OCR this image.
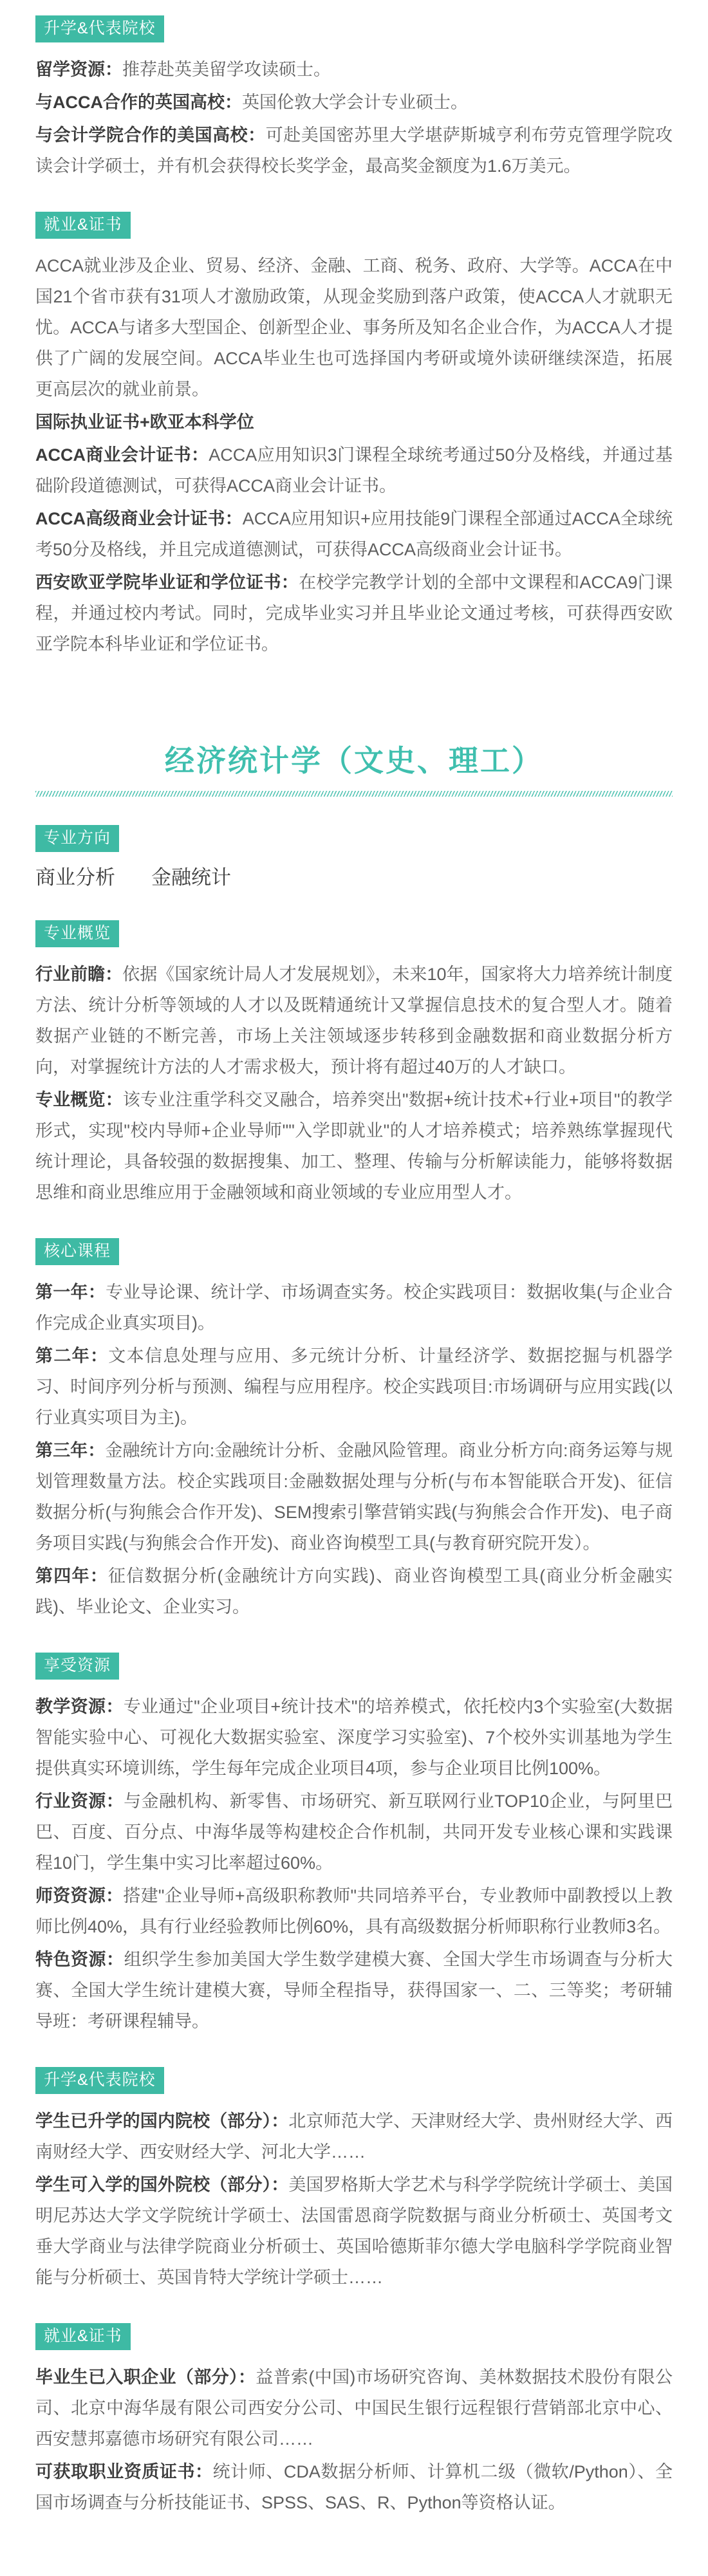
升学&代表院校

留学资源：推荐赴英美留学攻读硕士。

与ACCA合作的英国高校：英国伦敦大学会计专业硕士。

与会计学院合作的美国高校：可赴美国密苏里大学堪萨斯城亨利布劳克管理学院攻读会计学硕士，并有机会获得校长奖学金，最高奖金额度为1.6万美元。

就业&证书

ACCA就业涉及企业、贸易、经济、金融、工商、税务、政府、大学等。ACCA在中国21个省市获有31项人才激励政策，从现金奖励到落户政策，使ACCA人才就职无忧。ACCA与诸多大型国企、创新型企业、事务所及知名企业合作，为ACCA人才提供了广阔的发展空间。ACCA毕业生也可选择国内考研或境外读研继续深造，拓展更高层次的就业前景。

国际执业证书+欧亚本科学位

ACCA商业会计证书：ACCA应用知识3门课程全球统考通过50分及格线，并通过基础阶段道德测试，可获得ACCA商业会计证书。

ACCA高级商业会计证书：ACCA应用知识+应用技能9门课程全部通过ACCA全球统考50分及格线，并且完成道德测试，可获得ACCA高级商业会计证书。

西安欧亚学院毕业证和学位证书：在校学完教学计划的全部中文课程和ACCA9门课程，并通过校内考试。同时，完成毕业实习并且毕业论文通过考核，可获得西安欧亚学院本科毕业证和学位证书。

经济统计学（文史、理工）
专业方向

商业分析 金融统计

专业概览

行业前瞻：依据《国家统计局人才发展规划》，未来10年，国家将大力培养统计制度方法、统计分析等领域的人才以及既精通统计又掌握信息技术的复合型人才。随着数据产业链的不断完善，市场上关注领域逐步转移到金融数据和商业数据分析方向，对掌握统计方法的人才需求极大，预计将有超过40万的人才缺口。

专业概览：该专业注重学科交叉融合，培养突出"数据+统计技术+行业+项目"的教学形式，实现"校内导师+企业导师""入学即就业"的人才培养模式；培养熟练掌握现代统计理论，具备较强的数据搜集、加工、整理、传输与分析解读能力，能够将数据思维和商业思维应用于金融领域和商业领域的专业应用型人才。

核心课程

第一年：专业导论课、统计学、市场调查实务。校企实践项目：数据收集(与企业合作完成企业真实项目)。

第二年：文本信息处理与应用、多元统计分析、计量经济学、数据挖掘与机器学习、时间序列分析与预测、编程与应用程序。校企实践项目:市场调研与应用实践(以行业真实项目为主)。

第三年：金融统计方向:金融统计分析、金融风险管理。商业分析方向:商务运筹与规划管理数量方法。校企实践项目:金融数据处理与分析(与布本智能联合开发)、征信数据分析(与狗熊会合作开发)、SEM搜索引擎营销实践(与狗熊会合作开发)、电子商务项目实践(与狗熊会合作开发)、商业咨询模型工具(与教育研究院开发）。

第四年：征信数据分析(金融统计方向实践)、商业咨询模型工具(商业分析金融实践)、毕业论文、企业实习。

享受资源

教学资源：专业通过"企业项目+统计技术"的培养模式，依托校内3个实验室(大数据智能实验中心、可视化大数据实验室、深度学习实验室)、7个校外实训基地为学生提供真实环境训练，学生每年完成企业项目4项，参与企业项目比例100%。

行业资源：与金融机构、新零售、市场研究、新互联网行业TOP10企业，与阿里巴巴、百度、百分点、中海华晟等构建校企合作机制，共同开发专业核心课和实践课程10门，学生集中实习比率超过60%。

师资资源：搭建"企业导师+高级职称教师"共同培养平台，专业教师中副教授以上教师比例40%，具有行业经验教师比例60%，具有高级数据分析师职称行业教师3名。

特色资源：组织学生参加美国大学生数学建模大赛、全国大学生市场调查与分析大赛、全国大学生统计建模大赛，导师全程指导，获得国家一、二、三等奖；考研辅导班：考研课程辅导。

升学&代表院校

学生已升学的国内院校（部分）：北京师范大学、天津财经大学、贵州财经大学、西南财经大学、西安财经大学、河北大学……

学生可入学的国外院校（部分）：美国罗格斯大学艺术与科学学院统计学硕士、美国明尼苏达大学文学院统计学硕士、法国雷恩商学院数据与商业分析硕士、英国考文垂大学商业与法律学院商业分析硕士、英国哈德斯菲尔德大学电脑科学学院商业智能与分析硕士、英国肯特大学统计学硕士……

就业&证书

毕业生已入职企业（部分）：益普索(中国)市场研究咨询、美林数据技术股份有限公司、北京中海华晟有限公司西安分公司、中国民生银行远程银行营销部北京中心、西安慧邦嘉德市场研究有限公司……

可获取职业资质证书：统计师、CDA数据分析师、计算机二级（微软/Python）、全国市场调查与分析技能证书、SPSS、SAS、R、Python等资格认证。
